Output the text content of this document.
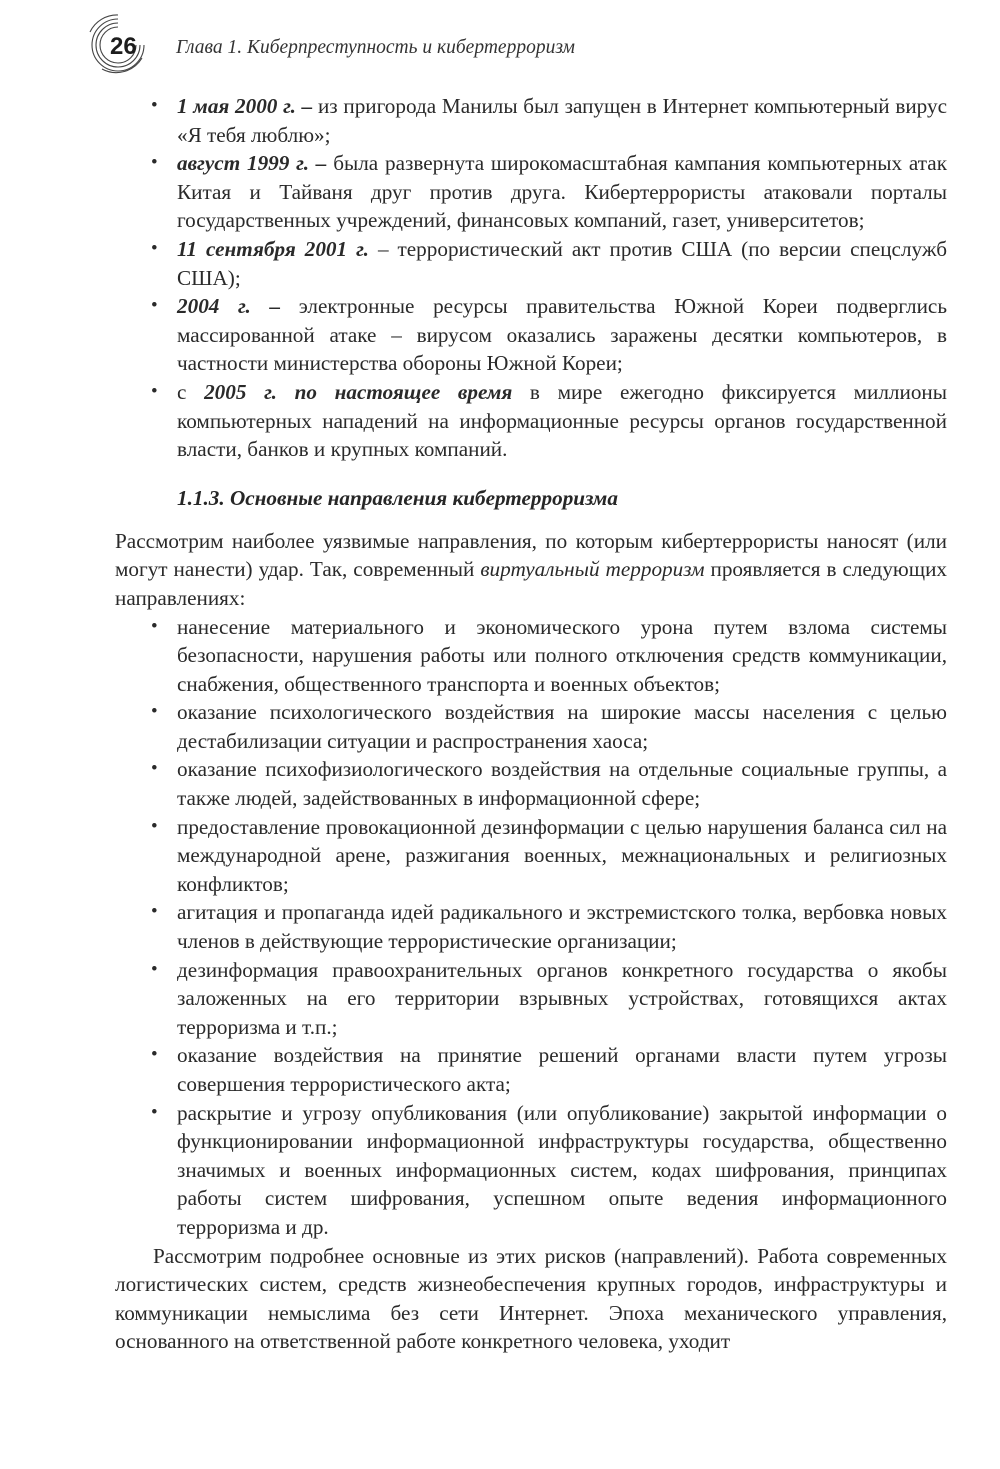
26 Глава 1. Киберпреступность и кибертерроризм
• 1 мая 2000 г. – из пригорода Манилы был запущен в Интернет компьютерный вирус «Я тебя люблю»;
• август 1999 г. – была развернута широкомасштабная кампания компьютерных атак Китая и Тайваня друг против друга. Кибертеррористы атаковали порталы государственных учреждений, финансовых компаний, газет, университетов;
• 11 сентября 2001 г. – террористический акт против США (по версии спецслужб США);
• 2004 г. – электронные ресурсы правительства Южной Кореи подверглись массированной атаке – вирусом оказались заражены десятки компьютеров, в частности министерства обороны Южной Кореи;
• с 2005 г. по настоящее время в мире ежегодно фиксируется миллионы компьютерных нападений на информационные ресурсы органов государственной власти, банков и крупных компаний.
1.1.3. Основные направления кибертерроризма

Рассмотрим наиболее уязвимые направления, по которым кибертеррористы наносят (или могут нанести) удар. Так, современный виртуальный терроризм проявляется в следующих направлениях:

• нанесение материального и экономического урона путем взлома системы безопасности, нарушения работы или полного отключения средств коммуникации, снабжения, общественного транспорта и военных объектов;
• оказание психологического воздействия на широкие массы населения с целью дестабилизации ситуации и распространения хаоса;
• оказание психофизиологического воздействия на отдельные социальные группы, а также людей, задействованных в информационной сфере;
• предоставление провокационной дезинформации с целью нарушения баланса сил на международной арене, разжигания военных, межнациональных и религиозных конфликтов;
• агитация и пропаганда идей радикального и экстремистского толка, вербовка новых членов в действующие террористические организации;
• дезинформация правоохранительных органов конкретного государства о якобы заложенных на его территории взрывных устройствах, готовящихся актах терроризма и т.п.;
• оказание воздействия на принятие решений органами власти путем угрозы совершения террористического акта;
• раскрытие и угрозу опубликования (или опубликование) закрытой информации о функционировании информационной инфраструктуры государства, общественно значимых и военных информационных систем, кодах шифрования, принципах работы систем шифрования, успешном опыте ведения информационного терроризма и др.

Рассмотрим подробнее основные из этих рисков (направлений). Работа современных логистических систем, средств жизнеобеспечения крупных городов, инфраструктуры и коммуникации немыслима без сети Интернет. Эпоха механического управления, основанного на ответственной работе конкретного человека, уходит
